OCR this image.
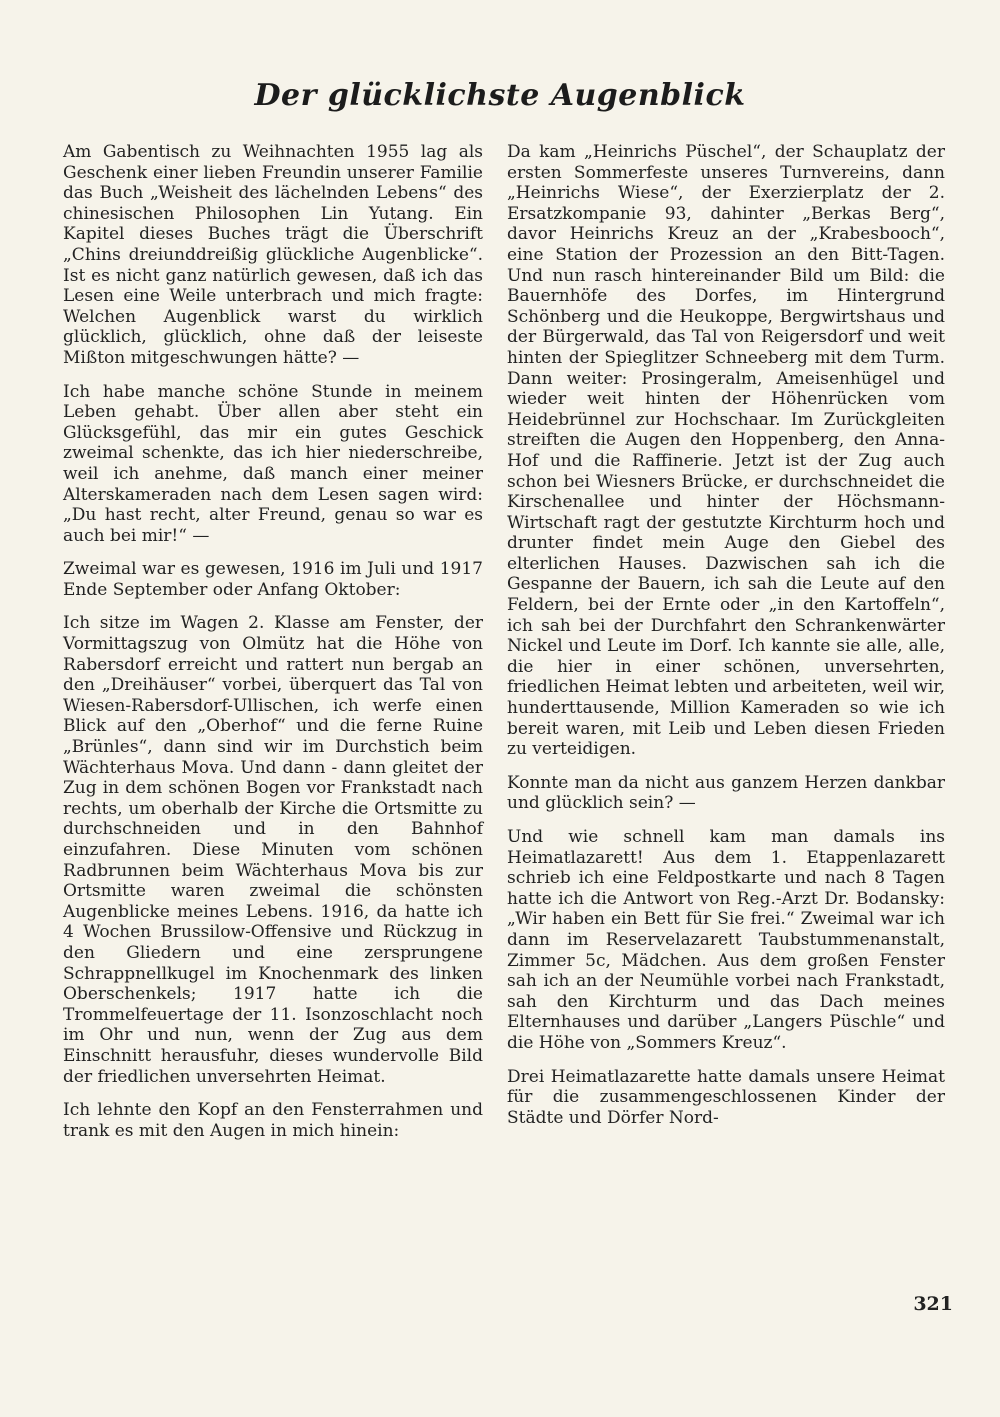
Der glücklichste Augenblick

Am Gabentisch zu Weihnachten 1955 lag als Geschenk einer lieben Freundin unserer Familie das Buch „Weisheit des lächelnden Lebens“ des chinesischen Philosophen Lin Yutang. Ein Kapitel dieses Buches trägt die Überschrift „Chins dreiunddreißig glückliche Augenblicke“. Ist es nicht ganz natürlich gewesen, daß ich das Lesen eine Weile unterbrach und mich fragte: Welchen Augenblick warst du wirklich glücklich, glücklich, ohne daß der leiseste Mißton mitgeschwungen hätte? —

Ich habe manche schöne Stunde in meinem Leben gehabt. Über allen aber steht ein Glücksgefühl, das mir ein gutes Geschick zweimal schenkte, das ich hier niederschreibe, weil ich anehme, daß manch einer meiner Alterskameraden nach dem Lesen sagen wird: „Du hast recht, alter Freund, genau so war es auch bei mir!“ —

Zweimal war es gewesen, 1916 im Juli und 1917 Ende September oder Anfang Oktober:

Ich sitze im Wagen 2. Klasse am Fenster, der Vormittagszug von Olmütz hat die Höhe von Rabersdorf erreicht und rattert nun bergab an den „Dreihäuser“ vorbei, überquert das Tal von Wiesen-Rabersdorf-Ullischen, ich werfe einen Blick auf den „Oberhof“ und die ferne Ruine „Brünles“, dann sind wir im Durchstich beim Wächterhaus Mova. Und dann - dann gleitet der Zug in dem schönen Bogen vor Frankstadt nach rechts, um oberhalb der Kirche die Ortsmitte zu durchschneiden und in den Bahnhof einzufahren. Diese Minuten vom schönen Radbrunnen beim Wächterhaus Mova bis zur Ortsmitte waren zweimal die schönsten Augenblicke meines Lebens. 1916, da hatte ich 4 Wochen Brussilow-Offensive und Rückzug in den Gliedern und eine zersprungene Schrappnellkugel im Knochenmark des linken Oberschenkels; 1917 hatte ich die Trommelfeuertage der 11. Isonzoschlacht noch im Ohr und nun, wenn der Zug aus dem Einschnitt herausfuhr, dieses wundervolle Bild der friedlichen unversehrten Heimat.

Ich lehnte den Kopf an den Fensterrahmen und trank es mit den Augen in mich hinein:

Da kam „Heinrichs Püschel“, der Schauplatz der ersten Sommerfeste unseres Turnvereins, dann „Heinrichs Wiese“, der Exerzierplatz der 2. Ersatzkompanie 93, dahinter „Berkas Berg“, davor Heinrichs Kreuz an der „Krabesbooch“, eine Station der Prozession an den Bitt-Tagen. Und nun rasch hintereinander Bild um Bild: die Bauernhöfe des Dorfes, im Hintergrund Schönberg und die Heukoppe, Bergwirtshaus und der Bürgerwald, das Tal von Reigersdorf und weit hinten der Spieglitzer Schneeberg mit dem Turm. Dann weiter: Prosingeralm, Ameisenhügel und wieder weit hinten der Höhenrücken vom Heidebrünnel zur Hochschaar. Im Zurückgleiten streiften die Augen den Hoppenberg, den Anna-Hof und die Raffinerie. Jetzt ist der Zug auch schon bei Wiesners Brücke, er durchschneidet die Kirschenallee und hinter der Höchsmann-Wirtschaft ragt der gestutzte Kirchturm hoch und drunter findet mein Auge den Giebel des elterlichen Hauses. Dazwischen sah ich die Gespanne der Bauern, ich sah die Leute auf den Feldern, bei der Ernte oder „in den Kartoffeln“, ich sah bei der Durchfahrt den Schrankenwärter Nickel und Leute im Dorf. Ich kannte sie alle, alle, die hier in einer schönen, unversehrten, friedlichen Heimat lebten und arbeiteten, weil wir, hunderttausende, Million Kameraden so wie ich bereit waren, mit Leib und Leben diesen Frieden zu verteidigen.

Konnte man da nicht aus ganzem Herzen dankbar und glücklich sein? —

Und wie schnell kam man damals ins Heimatlazarett! Aus dem 1. Etappenlazarett schrieb ich eine Feldpostkarte und nach 8 Tagen hatte ich die Antwort von Reg.-Arzt Dr. Bodansky: „Wir haben ein Bett für Sie frei.“ Zweimal war ich dann im Reservelazarett Taubstummenanstalt, Zimmer 5c, Mädchen. Aus dem großen Fenster sah ich an der Neumühle vorbei nach Frankstadt, sah den Kirchturm und das Dach meines Elternhauses und darüber „Langers Püschle“ und die Höhe von „Sommers Kreuz“.

Drei Heimatlazarette hatte damals unsere Heimat für die zusammengeschlossenen Kinder der Städte und Dörfer Nord-

321
